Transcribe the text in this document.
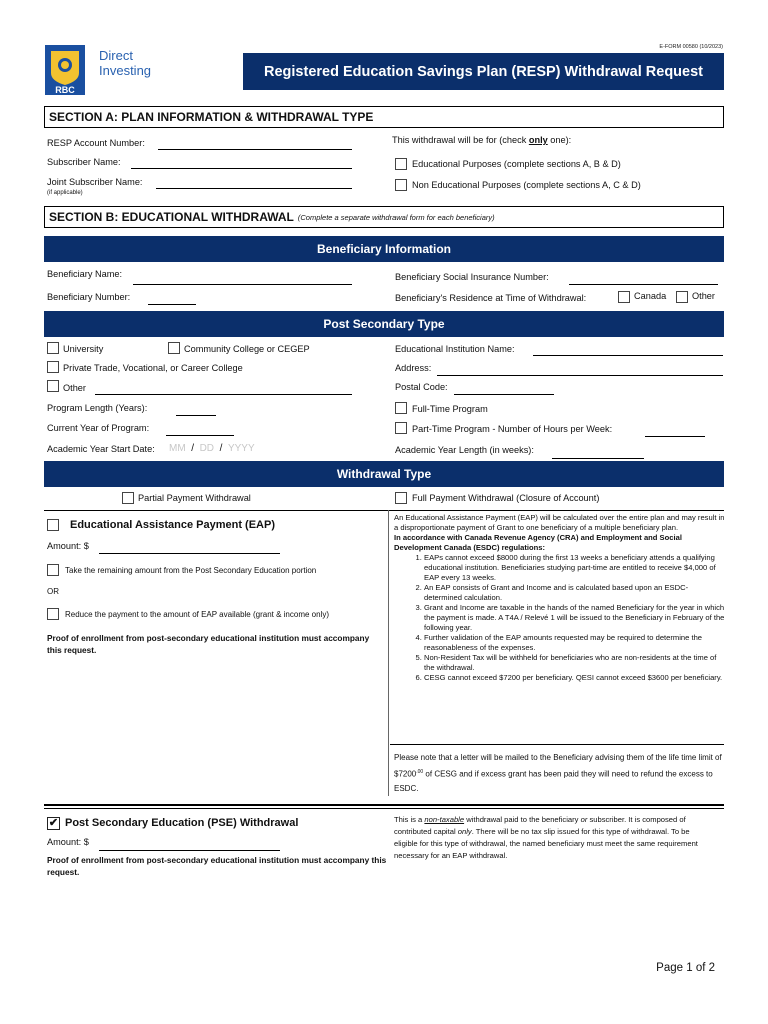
RBC
Direct
Investing
E-FORM 00580 (10/2023)
Registered Education Savings Plan (RESP) Withdrawal Request
SECTION A: PLAN INFORMATION & WITHDRAWAL TYPE
RESP Account Number:
Subscriber Name:
Joint Subscriber Name:
(if applicable)
This withdrawal will be for (check only one):
Educational Purposes (complete sections A, B & D)
Non Educational Purposes (complete sections A, C & D)
SECTION B: EDUCATIONAL WITHDRAWAL (Complete a separate withdrawal form for each beneficiary)
Beneficiary Information
Beneficiary Name:
Beneficiary Number:
Beneficiary Social Insurance Number:
Beneficiary's Residence at Time of Withdrawal:	Canada	Other
Post Secondary Type
University	Community College or CEGEP
Private Trade, Vocational, or Career College
Other
Program Length (Years):
Current Year of Program:
Academic Year Start Date: MM / DD / YYYY
Educational Institution Name:
Address:
Postal Code:
Full-Time Program
Part-Time Program - Number of Hours per Week:
Academic Year Length (in weeks):
Withdrawal Type
Partial Payment Withdrawal	Full Payment Withdrawal (Closure of Account)
Educational Assistance Payment (EAP)
Amount: $
Take the remaining amount from the Post Secondary Education portion
OR
Reduce the payment to the amount of EAP available (grant & income only)
Proof of enrollment from post-secondary educational institution must accompany this request.
An Educational Assistance Payment (EAP) will be calculated over the entire plan and may result in a disproportionate payment of Grant to one beneficiary of a multiple beneficiary plan.
In accordance with Canada Revenue Agency (CRA) and Employment and Social Development Canada (ESDC) regulations:
1. EAPs cannot exceed $8000 during the first 13 weeks a beneficiary attends a qualifying educational institution. Beneficiaries studying part-time are entitled to receive $4,000 of EAP every 13 weeks.
2. An EAP consists of Grant and Income and is calculated based upon an ESDC-determined calculation.
3. Grant and Income are taxable in the hands of the named Beneficiary for the year in which the payment is made. A T4A / Relevé 1 will be issued to the Beneficiary in February of the following year.
4. Further validation of the EAP amounts requested may be required to determine the reasonableness of the expenses.
5. Non-Resident Tax will be withheld for beneficiaries who are non-residents at the time of the withdrawal.
6. CESG cannot exceed $7200 per beneficiary. QESI cannot exceed $3600 per beneficiary.
Please note that a letter will be mailed to the Beneficiary advising them of the life time limit of $\$7200^{.00}$ of CESG and if excess grant has been paid they will need to refund the excess to ESDC.
✔ Post Secondary Education (PSE) Withdrawal
Amount: $
Proof of enrollment from post-secondary educational institution must accompany this request.
This is a non-taxable withdrawal paid to the beneficiary or subscriber. It is composed of contributed capital only. There will be no tax slip issued for this type of withdrawal. To be eligible for this type of withdrawal, the named beneficiary must meet the same requirement necessary for an EAP withdrawal.
Page 1 of 2
